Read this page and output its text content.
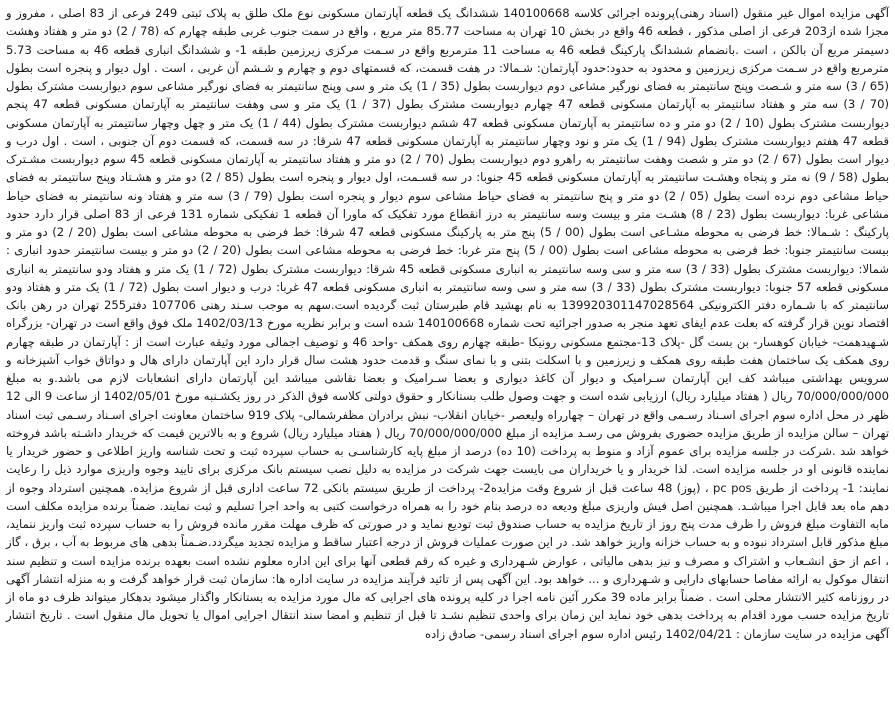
آگهی مزایده اموال غیر منقول (اسناد رهنی)پرونده اجرائی کلاسه 140100668 ششدانگ یک قطعه آپارتمان مسکونی نوع ملک طلق به پلاک ثبتی 249 فرعی از 83 اصلی ، مفروز و مجزا شده از203 فرعی از اصلی مذکور ، قطعه 46 واقع در بخش 10 تهران به مساحت 85.77 متر مربع ، واقع در سمت جنوب غربی طبقه چهارم که (78 / 2) دو متر و هفتاد وهشت دسیمتر مربع آن بالکن ، است .بانضمام ششدانگ پارکینگ قطعه 46 به مساحت 11 مترمربع واقع در سـمت مرکزی زیرزمین طبقه 1- و ششدانگ انباری قطعه 46 به مساحت 5.73 مترمربع واقع در سـمت مرکزی زیرزمین و محدود به حدود:حدود آپارتمان: شـمالا: در هفت قسمت، که قسمتهای دوم و چهارم و شـشم آن غربی ، است . اول دیوار و پنجره است بطول (65 / 3) سه متر و شـصت وپنج سانتیمتر به فضای نورگیر مشاعی دوم دیواربست بطول (35 / 1) یک متر و سی وپنج سانتیمتر به فضای نورگیر مشاعی سوم دیواربست مشترک بطول (70 / 3) سه متر و هفتاد سانتیمتر به آپارتمان مسکونی قطعه 47 چهارم دیواربست مشترک بطول (37 / 1) یک متر و سی وهفت سانتیمتر به آپارتمان مسکونی قطعه 47 پنجم دیواربست مشترک بطول (10 / 2) دو متر و ده سانتیمتر به آپارتمان مسکونی قطعه 47 ششم دیواربست مشترک بطول (44 / 1) یک متر و چهل وچهار سانتیمتر به آپارتمان مسکونی قطعه 47 هفتم دیواربست مشترک بطول (94 / 1) یک متر و نود وچهار سانتیمتر به آپارتمان مسکونی قطعه 47 شرقا: در سه قسمت، که قسمت دوم آن جنوبی ، است . اول درب و دیوار است بطول (67 / 2) دو متر و شصت وهفت سانتیمتر به راهرو دوم دیواربست بطول (70 / 2) دو متر و هفتاد سانتیمتر به آپارتمان مسکونی قطعه 45 سوم دیواربست مشـترک بطول (58 / 9) نه متر و پنجاه وهشـت سانتیمتر به آپارتمان مسکونی قطعه 45 جنوبا: در سه قسـمت، اول دیوار و پنجره است بطول (85 / 2) دو متر و هشـتاد وپنج سانتیمتر به فضای حیاط مشاعی دوم نرده است بطول (05 / 2) دو متر و پنج سانتیمتر به فضای حیاط مشاعی سوم دیوار و پنجره است بطول (79 / 3) سه متر و هفتاد ونه سانتیمتر به فضای حیاط مشاعی غربا: دیواربست بطول (23 / 8) هشـت متر و بیست وسه سانتیمتر به درز انقطاع مورد تفکیک که ماورا آن قطعه 1 تفکیکی شماره 131 فرعی از 83 اصلی قرار دارد حدود پارکینگ : شـمالا: خط فرضی به محوطه مشـاعی است بطول (00 / 5) پنج متر به پارکینگ مسکونی قطعه 47 شرقا: خط فرضی به محوطه مشاعی است بطول (20 / 2) دو متر و بیست سانتیمتر جنوبا: خط فرضی به محوطه مشاعی است بطول (00 / 5) پنج متر غربا: خط فرضی به محوطه مشاعی است بطول (20 / 2) دو متر و بیست سانتیمتر حدود انباری : شمالا: دیواربست مشترک بطول (33 / 3) سه متر و سی وسه سانتیمتر به انباری مسکونی قطعه 45 شرقا: دیواربست مشترک بطول (72 / 1) یک متر و هفتاد ودو سانتیمتر به انباری مسکونی قطعه 57 جنوبا: دیواربست مشترک بطول (33 / 3) سه متر و سی وسه سانتیمتر به انباری مسکونی قطعه 47 غربا: درب و دیوار است بطول (72 / 1) یک متر و هفتاد ودو سانتیمتر که با شـماره دفتر الکترونیکی 139920301147028564 به نام بهشید قام طبرستان ثبت گردیده است.سهم به موجب سـند رهنی 107706 دفتر255 تهران در رهن بانک اقتصاد نوین قرار گرفته که بعلت عدم ایفای تعهد منجر به صدور اجرائیه تحت شماره 140100668 شده است و برابر نظریه مورخ 1402/03/13 ملک فوق واقع است در تهران- بزرگراه شـهید‌همت- خیابان کوهسار- بن بست گل -پلاک 13-مجتمع مسکونی رونیکا -طبقه چهارم روی همکف -واحد 46 و توصیف اجمالی مورد وثیقه عبارت است از : آپارتمان در طبقه چهارم روی همکف یک ساختمان هفت طبقه روی همکف و زیرزمین و با اسکلت بتنی و با نمای سنگ و قدمت حدود هشت سال قرار دارد این آپارتمان دارای هال و دواتاق خواب آشپزخانه و سرویس بهداشتی میباشد کف این آپارتمان سـرامیک و دیوار آن کاغذ دیواری و بعضا سـرامیک و بعضا نقاشی میباشد این آپارتمان دارای انشعابات لازم می باشد.و به مبلغ 70/000/000/000 ریال ( هفتاد میلیارد ریال) ارزیابی شده است و جهت وصول طلب بستانکار و حقوق دولتی کلاسه فوق الذکر در روز یکشـنبه مورخ 1402/05/01 از ساعت 9 الی 12 ظهر در محل اداره سوم اجرای اسـناد رسـمی واقع در تهران – چهارراه ولیعصر -خیابان انقلاب- نبش برادران مظفرشمالی- پلاک 919 ساختمان معاونت اجرای اسـناد رسـمی ثبت اسناد تهران – سالن مزایده از طریق مزایده حضوری بفروش می رسـد مزایده از مبلغ 70/000/000/000 ریال ( هفتاد میلیارد ریال) شروع و به بالاترین قیمت که خریدار داشـته باشد فروخته خواهد شد .شرکت در جلسه مزایده برای عموم آزاد و منوط به پرداخت (10 ده) درصد از مبلغ پایه کارشناسـی به حساب سپرده ثبت و تحت شناسه واریز اطلاعی و حضور خریدار یا نماینده قانونی او در جلسه مزایده است. لذا خریدار و یا خریداران می بایست جهت شرکت در مزایده به دلیل نصب سیستم بانک مرکزی برای تایید وجوه واریزی موارد ذیل را رعایت نمایند: 1- پرداخت از طریق pc pos ، (پوز) 48 ساعت قبل از شروع وقت مزایده2- پرداخت از طریق سیستم بانکی 72 ساعت اداری قبل از شروع مزایده. همچنین استرداد وجوه از دهم ماه بعد قابل اجرا میباشـد. همچنین اصل فیش واریزی مبلغ ودیعه ده درصد بنام خود را به همراه درخواست کتبی به واحد اجرا تسلیم و ثبت نمایند. ضمناً برنده مزایده مکلف است مابه التفاوت مبلغ فروش را ظرف مدت پنج روز از تاریخ مزایده به حساب صندوق ثبت تودیع نماید و در صورتی که ظرف مهلت مقرر مانده فروش را به حساب سپرده ثبت واریز ننماید، مبلغ مذکور قابل استرداد نبوده و به حساب خزانه واریز خواهد شد. در این صورت عملیات فروش از درجه اعتبار ساقط و مزایده تجدید میگردد.ضـمناً بدهی های مربوط به آب ، برق ، گاز ، اعم از حق انشـعاب و اشتراک و مصرف و نیز بدهی مالیاتی ، عوارض شـهرداری و غیره که رقم قطعی آنها برای این اداره معلوم نشده است بعهده برنده مزایده است و تنظیم سند انتقال موکول به ارائه مفاصا حسابهای دارایی و شـهرداری و ... خواهد بود. این آگهی پس از تائید فرآیند مزایده در سایت اداره ها: سازمان ثبت قرار خواهد گرفت و به منزله انتشار آگهی در روزنامه کثیر الانتشار محلی است . ضمناً برابر ماده 39 مکرر آئین نامه اجرا در کلیه پرونده های اجرایی که مال مورد مزایده به بستانکار واگذار میشود بدهکار میتواند ظرف دو ماه از تاریخ مزایده حسب مورد اقدام به پرداخت بدهی خود نماید این زمان برای واحدی تنظیم نشـد تا قبل از تنظیم و امضا سند انتقال اجرایی اموال یا تحویل مال منقول است . تاریخ انتشار آگهی مزایده در سایت سازمان : 1402/04/21 رئیس اداره سوم اجرای اسناد رسمی- صادق زاده
